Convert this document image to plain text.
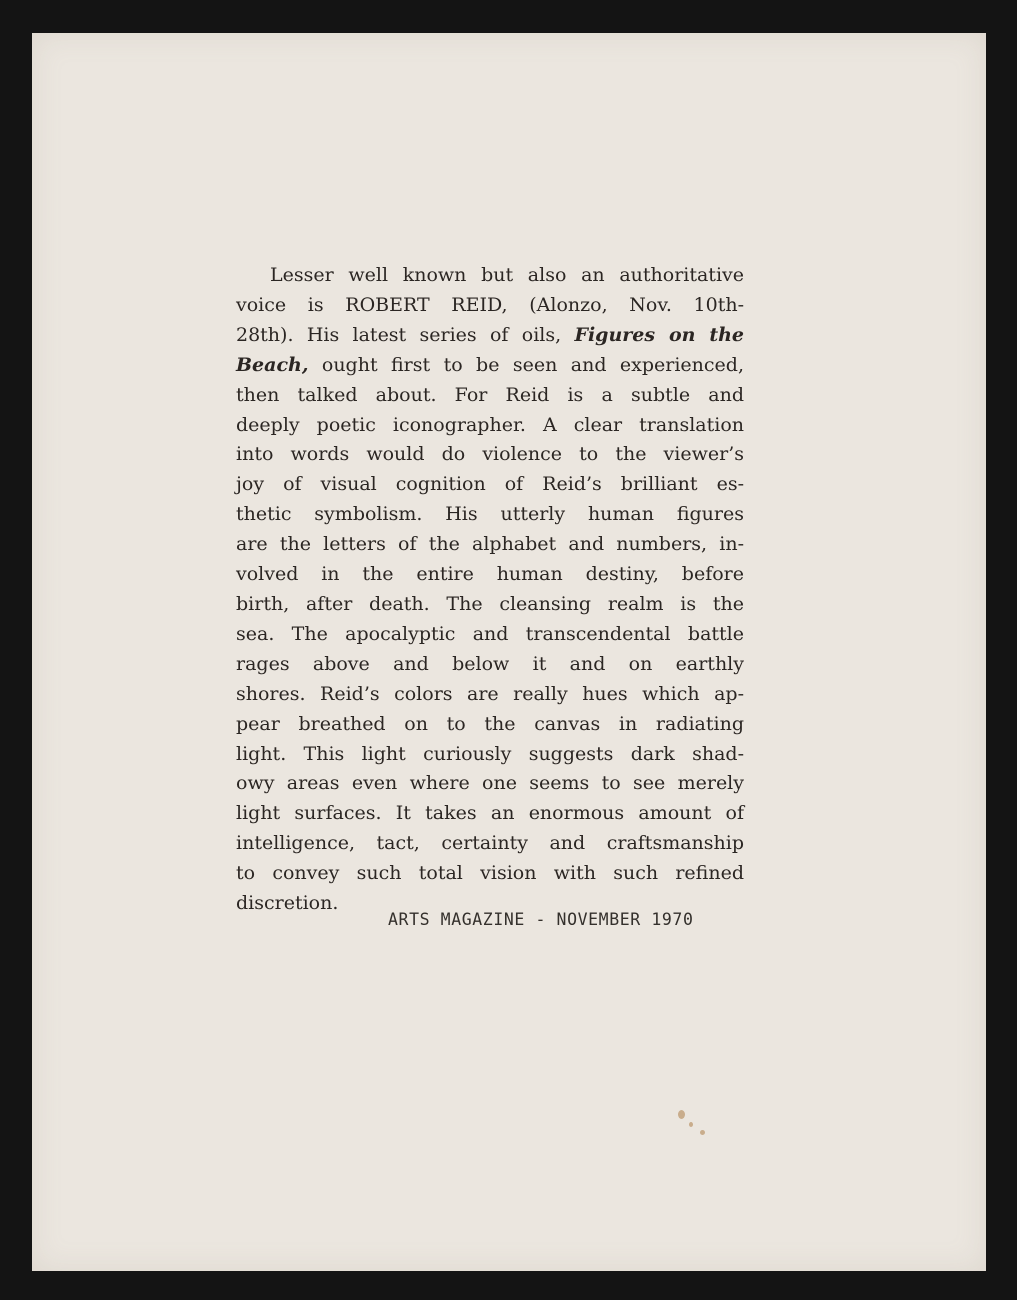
Lesser well known but also an authoritative
voice is ROBERT REID, (Alonzo, Nov. 10th-
28th). His latest series of oils, Figures on the
Beach, ought first to be seen and experienced,
then talked about. For Reid is a subtle and
deeply poetic iconographer. A clear translation
into words would do violence to the viewer’s
joy of visual cognition of Reid’s brilliant es-
thetic symbolism. His utterly human figures
are the letters of the alphabet and numbers, in-
volved in the entire human destiny, before
birth, after death. The cleansing realm is the
sea. The apocalyptic and transcendental battle
rages above and below it and on earthly
shores. Reid’s colors are really hues which ap-
pear breathed on to the canvas in radiating
light. This light curiously suggests dark shad-
owy areas even where one seems to see merely
light surfaces. It takes an enormous amount of
intelligence, tact, certainty and craftsmanship
to convey such total vision with such refined
discretion.

ARTS MAGAZINE - NOVEMBER 1970
